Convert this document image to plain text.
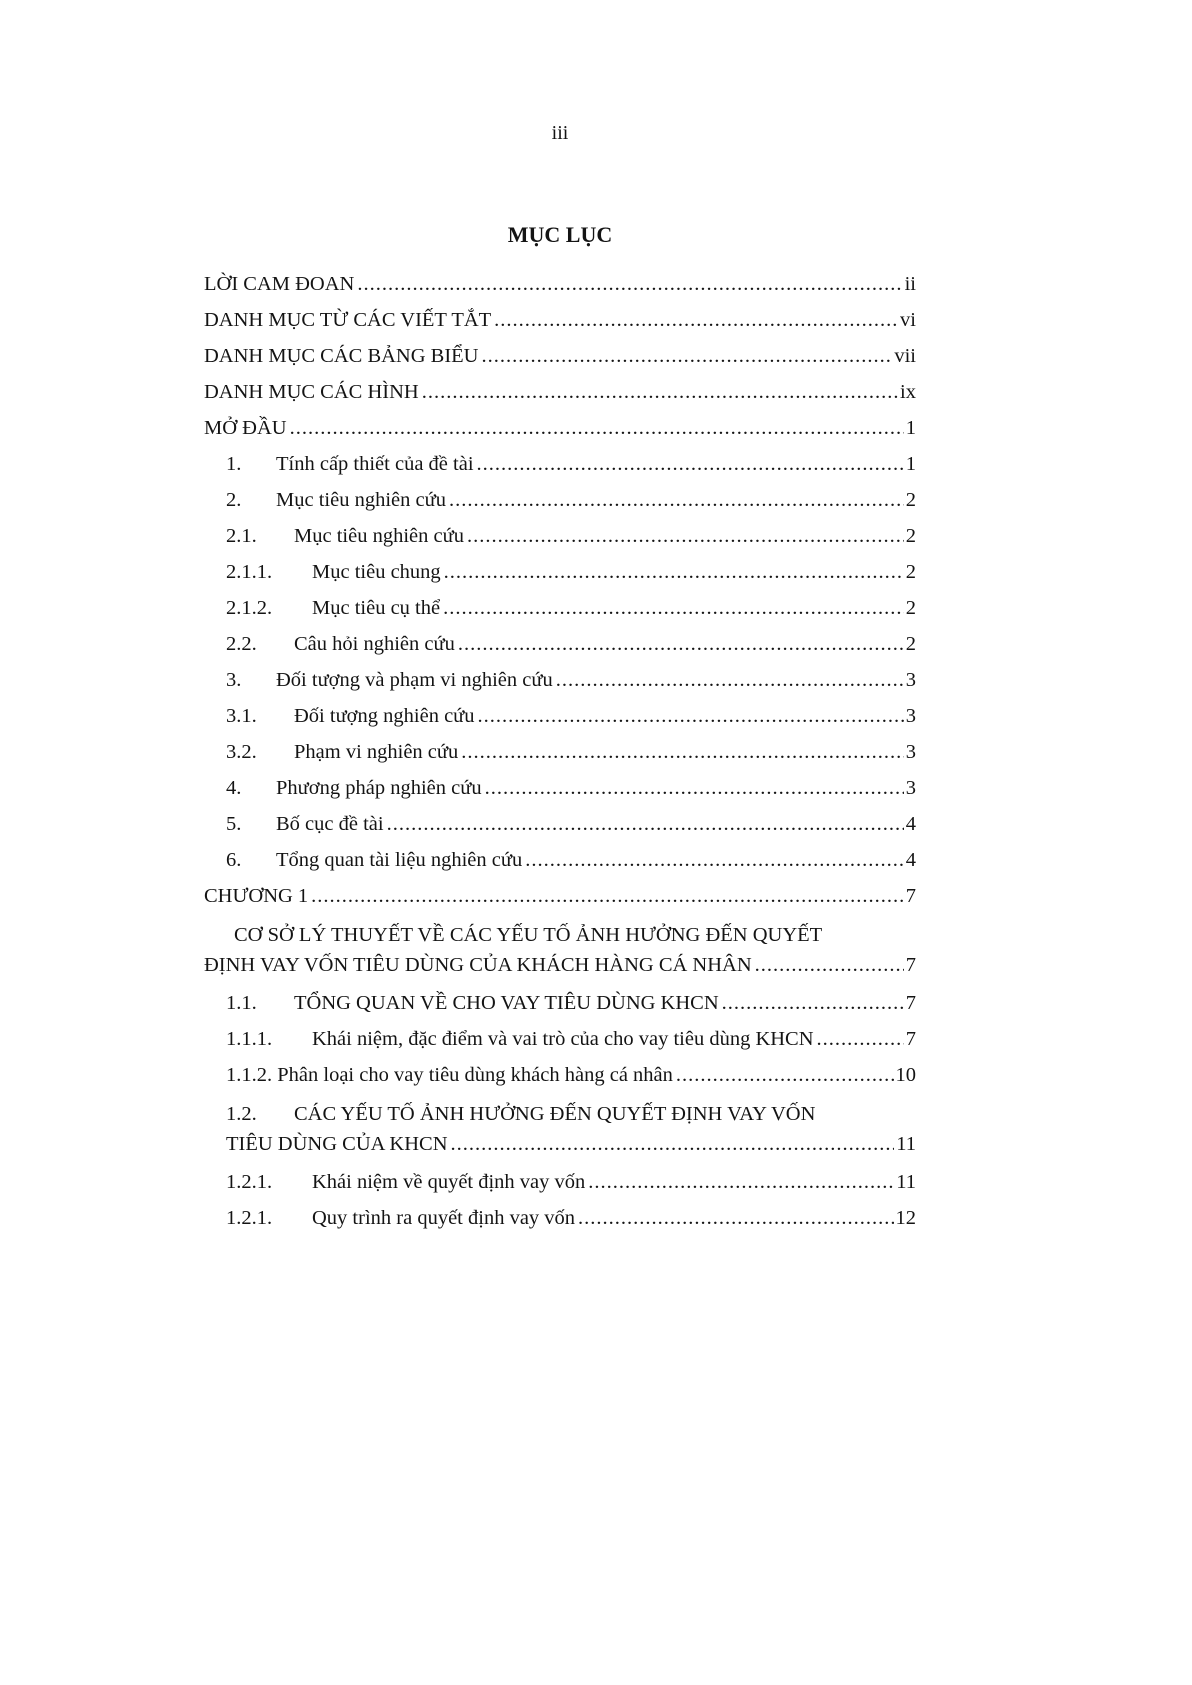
iii
MỤC LỤC
LỜI CAM ĐOAN .....	ii
DANH MỤC TỪ CÁC VIẾT TẮT .....	vi
DANH MỤC CÁC BẢNG BIỂU .....	vii
DANH MỤC CÁC HÌNH .....	ix
MỞ ĐẦU .....	1
1.	Tính cấp thiết của đề tài .....	1
2.	Mục tiêu nghiên cứu .....	2
2.1.	Mục tiêu nghiên cứu .....	2
2.1.1.	Mục tiêu chung .....	2
2.1.2.	Mục tiêu cụ thể .....	2
2.2.	Câu hỏi nghiên cứu .....	2
3.	Đối tượng và phạm vi nghiên cứu .....	3
3.1.	Đối tượng nghiên cứu .....	3
3.2.	Phạm vi nghiên cứu .....	3
4.	Phương pháp nghiên cứu .....	3
5.	Bố cục đề tài .....	4
6.	Tổng quan tài liệu nghiên cứu .....	4
CHƯƠNG 1 .....	7
CƠ SỞ LÝ THUYẾT VỀ CÁC YẾU TỐ ẢNH HƯỞNG ĐẾN QUYẾT
ĐỊNH VAY VỐN TIÊU DÙNG CỦA KHÁCH HÀNG CÁ NHÂN .....	7
1.1.	TỔNG QUAN VỀ CHO VAY TIÊU DÙNG KHCN .....	7
1.1.1.	Khái niệm, đặc điểm và vai trò của cho vay tiêu dùng KHCN .....	7
1.1.2. Phân loại cho vay tiêu dùng khách hàng cá nhân .....	10
1.2. CÁC YẾU TỐ ẢNH HƯỞNG ĐẾN QUYẾT ĐỊNH VAY VỐN
TIÊU DÙNG CỦA KHCN .....	11
1.2.1.	Khái niệm về quyết định vay vốn .....	11
1.2.1.	Quy trình ra quyết định vay vốn .....	12
